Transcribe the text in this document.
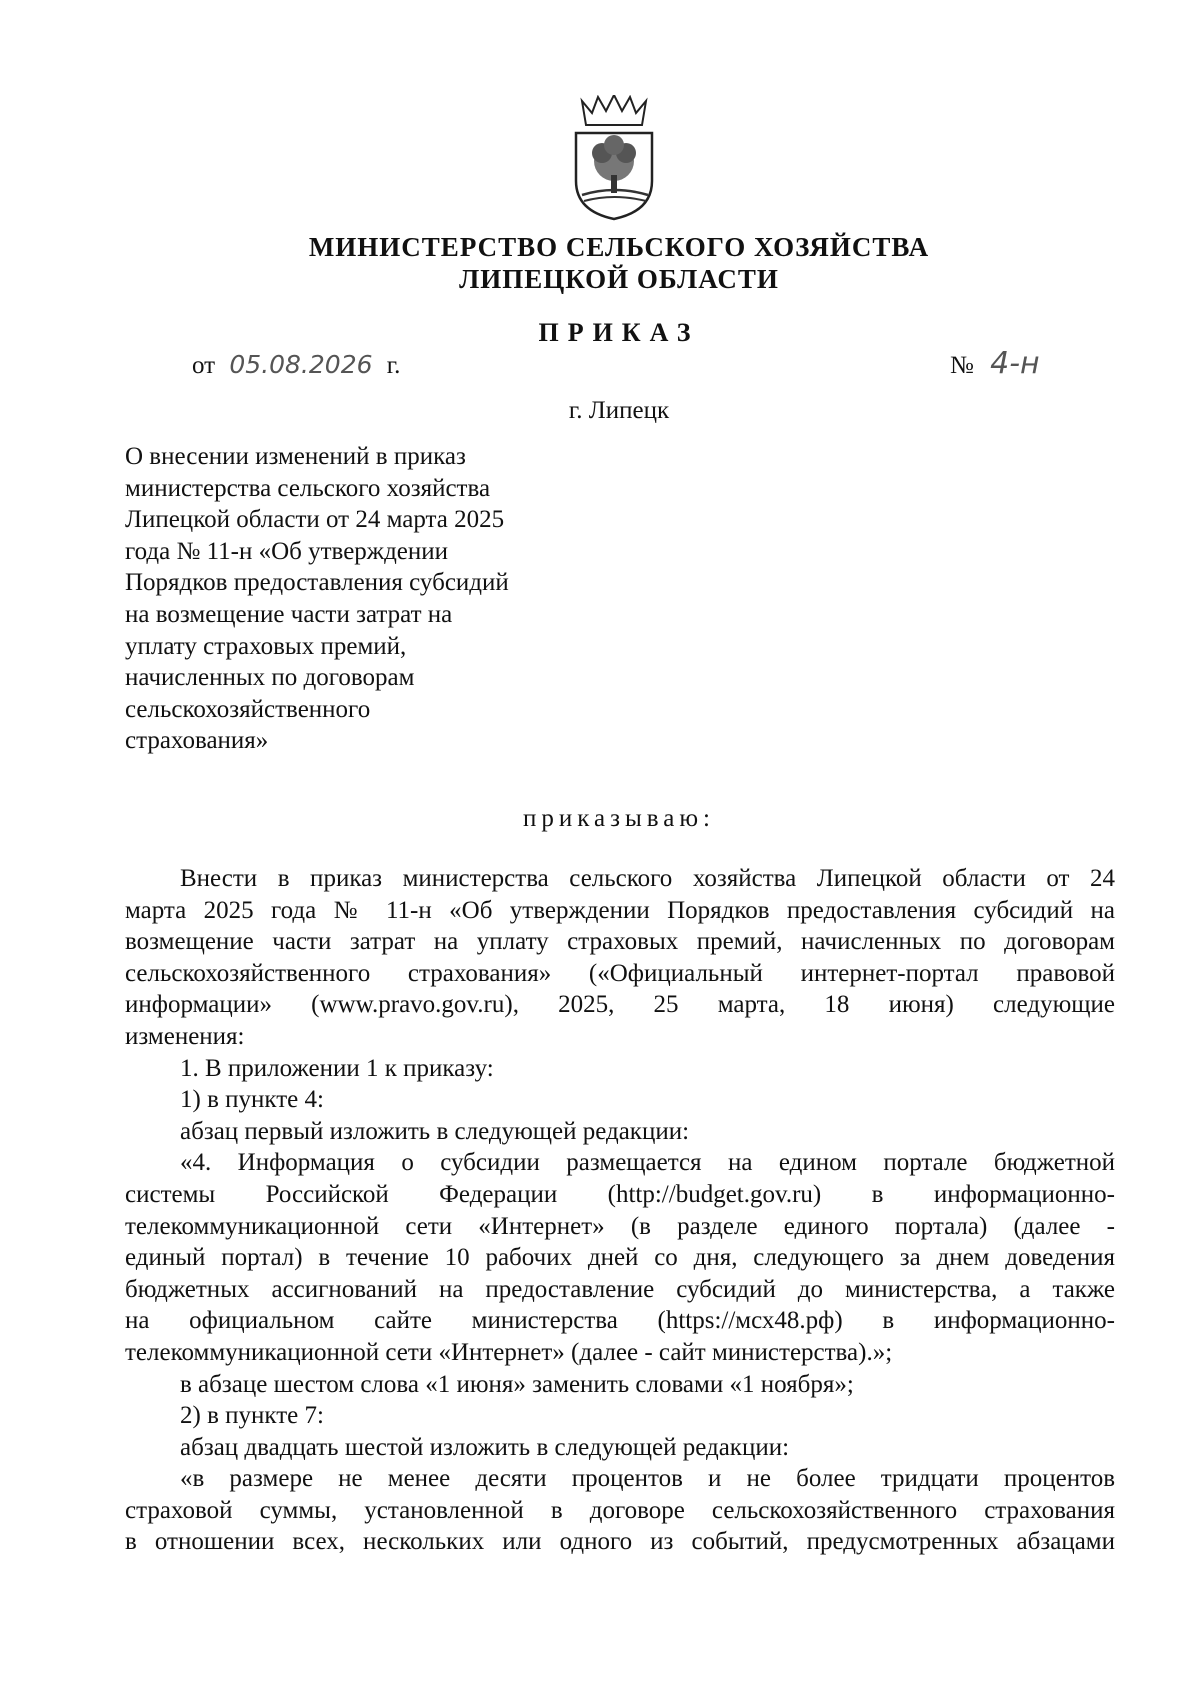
МИНИСТЕРСТВО СЕЛЬСКОГО ХОЗЯЙСТВА
ЛИПЕЦКОЙ ОБЛАСТИ
ПРИКАЗ
от 05.08.2026 г.	№ 4-н
г. Липецк
О внесении изменений в приказ
министерства сельского хозяйства
Липецкой области от 24 марта 2025
года № 11-н «Об утверждении
Порядков предоставления субсидий
на возмещение части затрат на
уплату страховых премий,
начисленных по договорам
сельскохозяйственного
страхования»
приказываю:
Внести в приказ министерства сельского хозяйства Липецкой области от 24
марта 2025 года № 11-н «Об утверждении Порядков предоставления субсидий на
возмещение части затрат на уплату страховых премий, начисленных по договорам
сельскохозяйственного страхования» («Официальный интернет-портал правовой
информации» (www.pravo.gov.ru), 2025, 25 марта, 18 июня) следующие
изменения:
1. В приложении 1 к приказу:
1) в пункте 4:
абзац первый изложить в следующей редакции:
«4. Информация о субсидии размещается на едином портале бюджетной
системы Российской Федерации (http://budget.gov.ru) в информационно-
телекоммуникационной сети «Интернет» (в разделе единого портала) (далее -
единый портал) в течение 10 рабочих дней со дня, следующего за днем доведения
бюджетных ассигнований на предоставление субсидий до министерства, а также
на официальном сайте министерства (https://мсх48.рф) в информационно-
телекоммуникационной сети «Интернет» (далее - сайт министерства).»;
в абзаце шестом слова «1 июня» заменить словами «1 ноября»;
2) в пункте 7:
абзац двадцать шестой изложить в следующей редакции:
«в размере не менее десяти процентов и не более тридцати процентов
страховой суммы, установленной в договоре сельскохозяйственного страхования
в отношении всех, нескольких или одного из событий, предусмотренных абзацами
